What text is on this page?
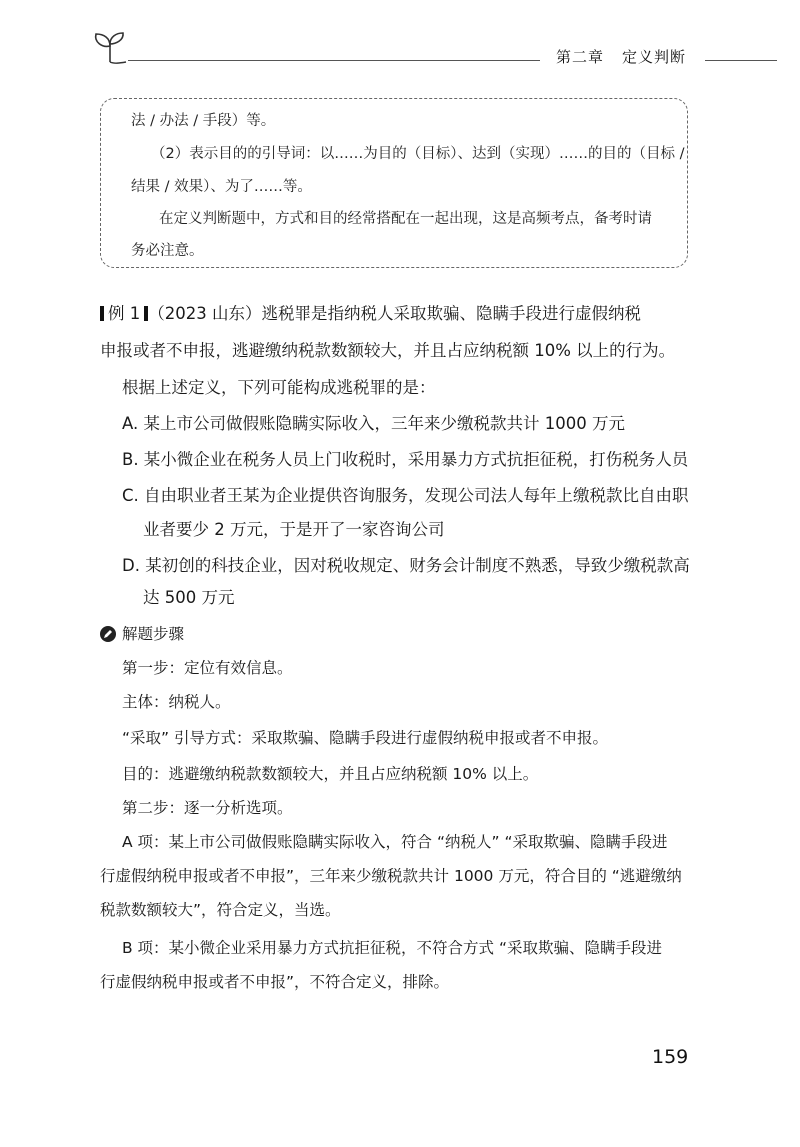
第二章 定义判断

法 / 办法 / 手段）等。

（2）表示目的的引导词：以……为目的（目标）、达到（实现）……的目的（目标 /

结果 / 效果）、为了……等。

在定义判断题中，方式和目的经常搭配在一起出现，这是高频考点，备考时请

务必注意。

例 1 （2023 山东）逃税罪是指纳税人采取欺骗、隐瞒手段进行虚假纳税
申报或者不申报，逃避缴纳税款数额较大，并且占应纳税额 10% 以上的行为。
根据上述定义，下列可能构成逃税罪的是：
A. 某上市公司做假账隐瞒实际收入，三年来少缴税款共计 1000 万元
B. 某小微企业在税务人员上门收税时，采用暴力方式抗拒征税，打伤税务人员
C. 自由职业者王某为企业提供咨询服务，发现公司法人每年上缴税款比自由职
业者要少 2 万元，于是开了一家咨询公司
D. 某初创的科技企业，因对税收规定、财务会计制度不熟悉，导致少缴税款高
达 500 万元
解题步骤
第一步：定位有效信息。
主体：纳税人。
“采取” 引导方式：采取欺骗、隐瞒手段进行虚假纳税申报或者不申报。
目的：逃避缴纳税款数额较大，并且占应纳税额 10% 以上。
第二步：逐一分析选项。
A 项：某上市公司做假账隐瞒实际收入，符合 “纳税人” “采取欺骗、隐瞒手段进
行虚假纳税申报或者不申报”，三年来少缴税款共计 1000 万元，符合目的 “逃避缴纳
税款数额较大”，符合定义，当选。
B 项：某小微企业采用暴力方式抗拒征税，不符合方式 “采取欺骗、隐瞒手段进
行虚假纳税申报或者不申报”，不符合定义，排除。
159
